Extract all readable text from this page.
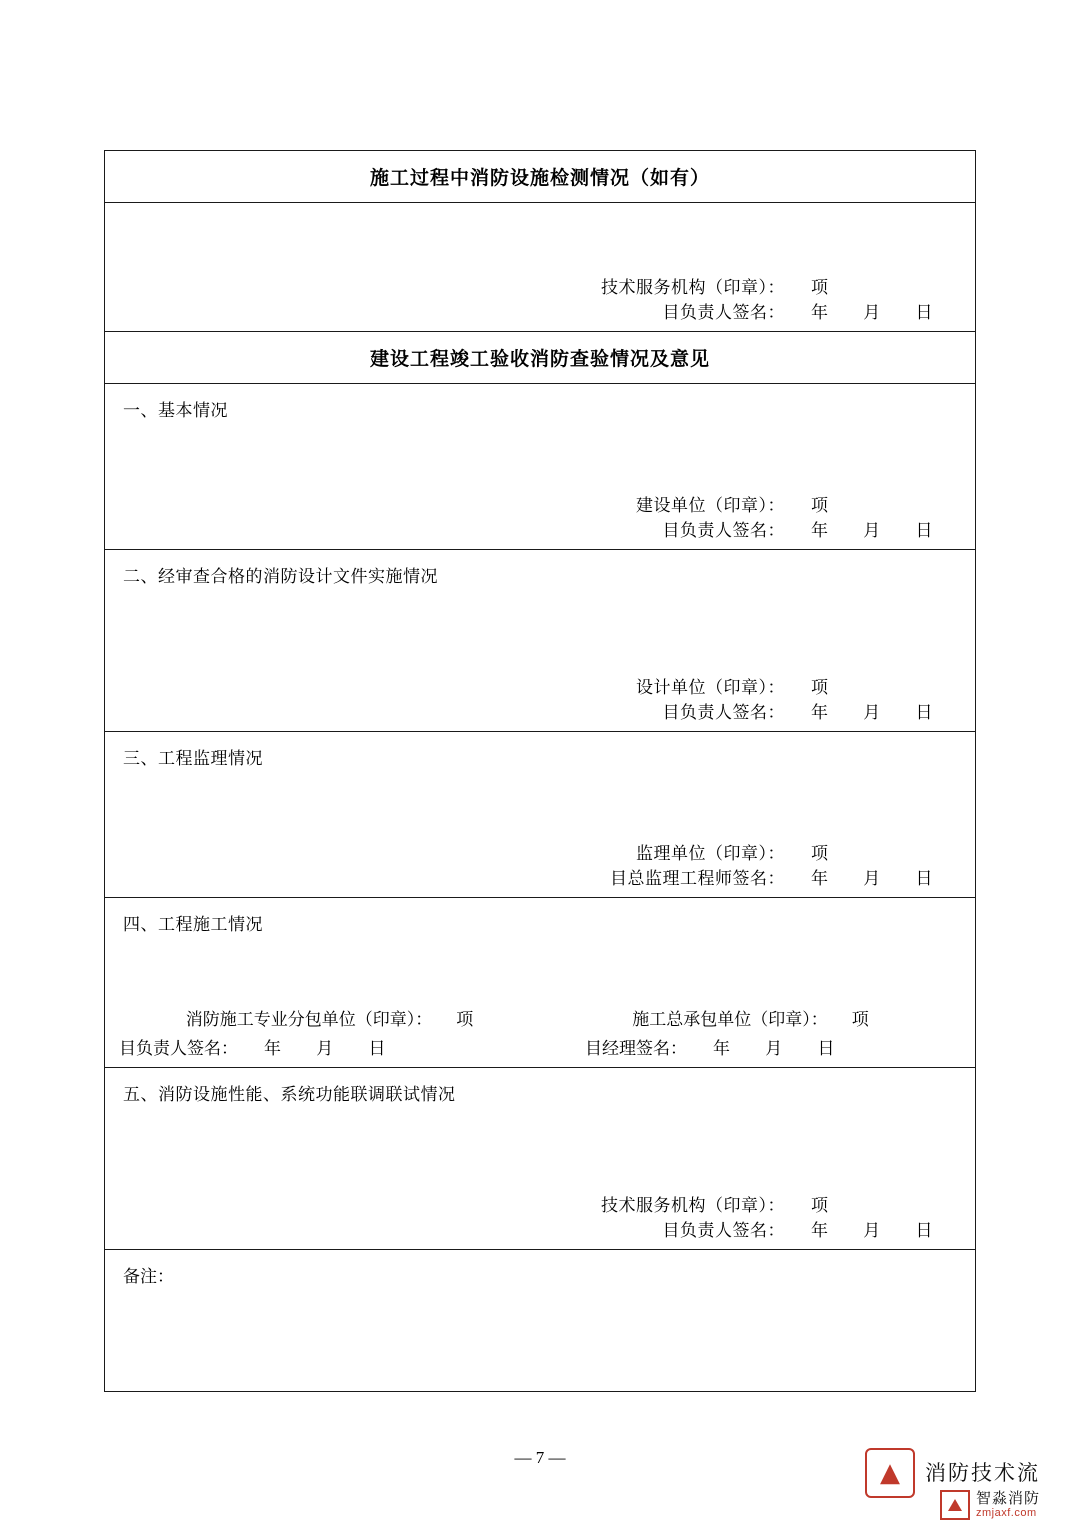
施工过程中消防设施检测情况（如有）
技术服务机构（印章）： 项
目负责人签名： 年 月 日
建设工程竣工验收消防查验情况及意见
一、基本情况
建设单位（印章）： 项
目负责人签名： 年 月 日
二、经审查合格的消防设计文件实施情况
设计单位（印章）： 项
目负责人签名： 年 月 日
三、工程监理情况
监理单位（印章）： 项
目总监理工程师签名： 年 月 日
四、工程施工情况
消防施工专业分包单位（印章）： 项	施工总承包单位（印章）： 项
目负责人签名： 年 月 日	目经理签名： 年 月 日
五、消防设施性能、系统功能联调联试情况
技术服务机构（印章）： 项
目负责人签名： 年 月 日
备注：
— 7 —
▲ 消防技术流
智淼消防
zmjaxf.com
